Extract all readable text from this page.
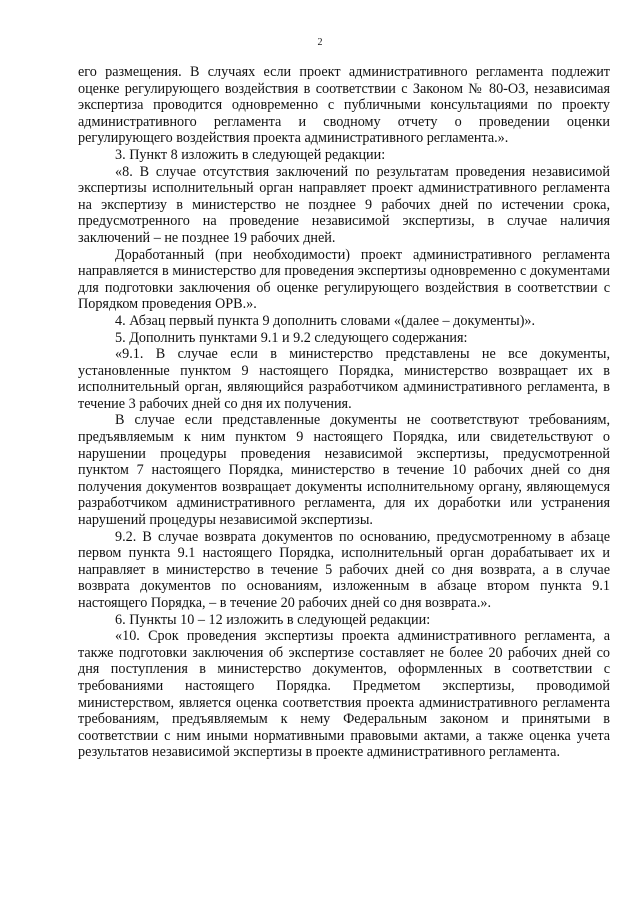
2

его размещения. В случаях если проект административного регламента подлежит оценке регулирующего воздействия в соответствии с Законом № 80-ОЗ, независимая экспертиза проводится одновременно с публичными консультациями по проекту административного регламента и сводному отчету о проведении оценки регулирующего воздействия проекта административного регламента.».

3. Пункт 8 изложить в следующей редакции:

«8. В случае отсутствия заключений по результатам проведения независимой экспертизы исполнительный орган направляет проект административного регламента на экспертизу в министерство не позднее 9 рабочих дней по истечении срока, предусмотренного на проведение независимой экспертизы, в случае наличия заключений – не позднее 19 рабочих дней.

Доработанный (при необходимости) проект административного регламента направляется в министерство для проведения экспертизы одновременно с документами для подготовки заключения об оценке регулирующего воздействия в соответствии с Порядком проведения ОРВ.».

4. Абзац первый пункта 9 дополнить словами «(далее – документы)».

5. Дополнить пунктами 9.1 и 9.2 следующего содержания:

«9.1. В случае если в министерство представлены не все документы, установленные пунктом 9 настоящего Порядка, министерство возвращает их в исполнительный орган, являющийся разработчиком административного регламента, в течение 3 рабочих дней со дня их получения.

В случае если представленные документы не соответствуют требованиям, предъявляемым к ним пунктом 9 настоящего Порядка, или свидетельствуют о нарушении процедуры проведения независимой экспертизы, предусмотренной пунктом 7 настоящего Порядка, министерство в течение 10 рабочих дней со дня получения документов возвращает документы исполнительному органу, являющемуся разработчиком административного регламента, для их доработки или устранения нарушений процедуры независимой экспертизы.

9.2. В случае возврата документов по основанию, предусмотренному в абзаце первом пункта 9.1 настоящего Порядка, исполнительный орган дорабатывает их и направляет в министерство в течение 5 рабочих дней со дня возврата, а в случае возврата документов по основаниям, изложенным в абзаце втором пункта 9.1 настоящего Порядка, – в течение 20 рабочих дней со дня возврата.».

6. Пункты 10 – 12 изложить в следующей редакции:

«10. Срок проведения экспертизы проекта административного регламента, а также подготовки заключения об экспертизе составляет не более 20 рабочих дней со дня поступления в министерство документов, оформленных в соответствии с требованиями настоящего Порядка. Предметом экспертизы, проводимой министерством, является оценка соответствия проекта административного регламента требованиям, предъявляемым к нему Федеральным законом и принятыми в соответствии с ним иными нормативными правовыми актами, а также оценка учета результатов независимой экспертизы в проекте административного регламента.
